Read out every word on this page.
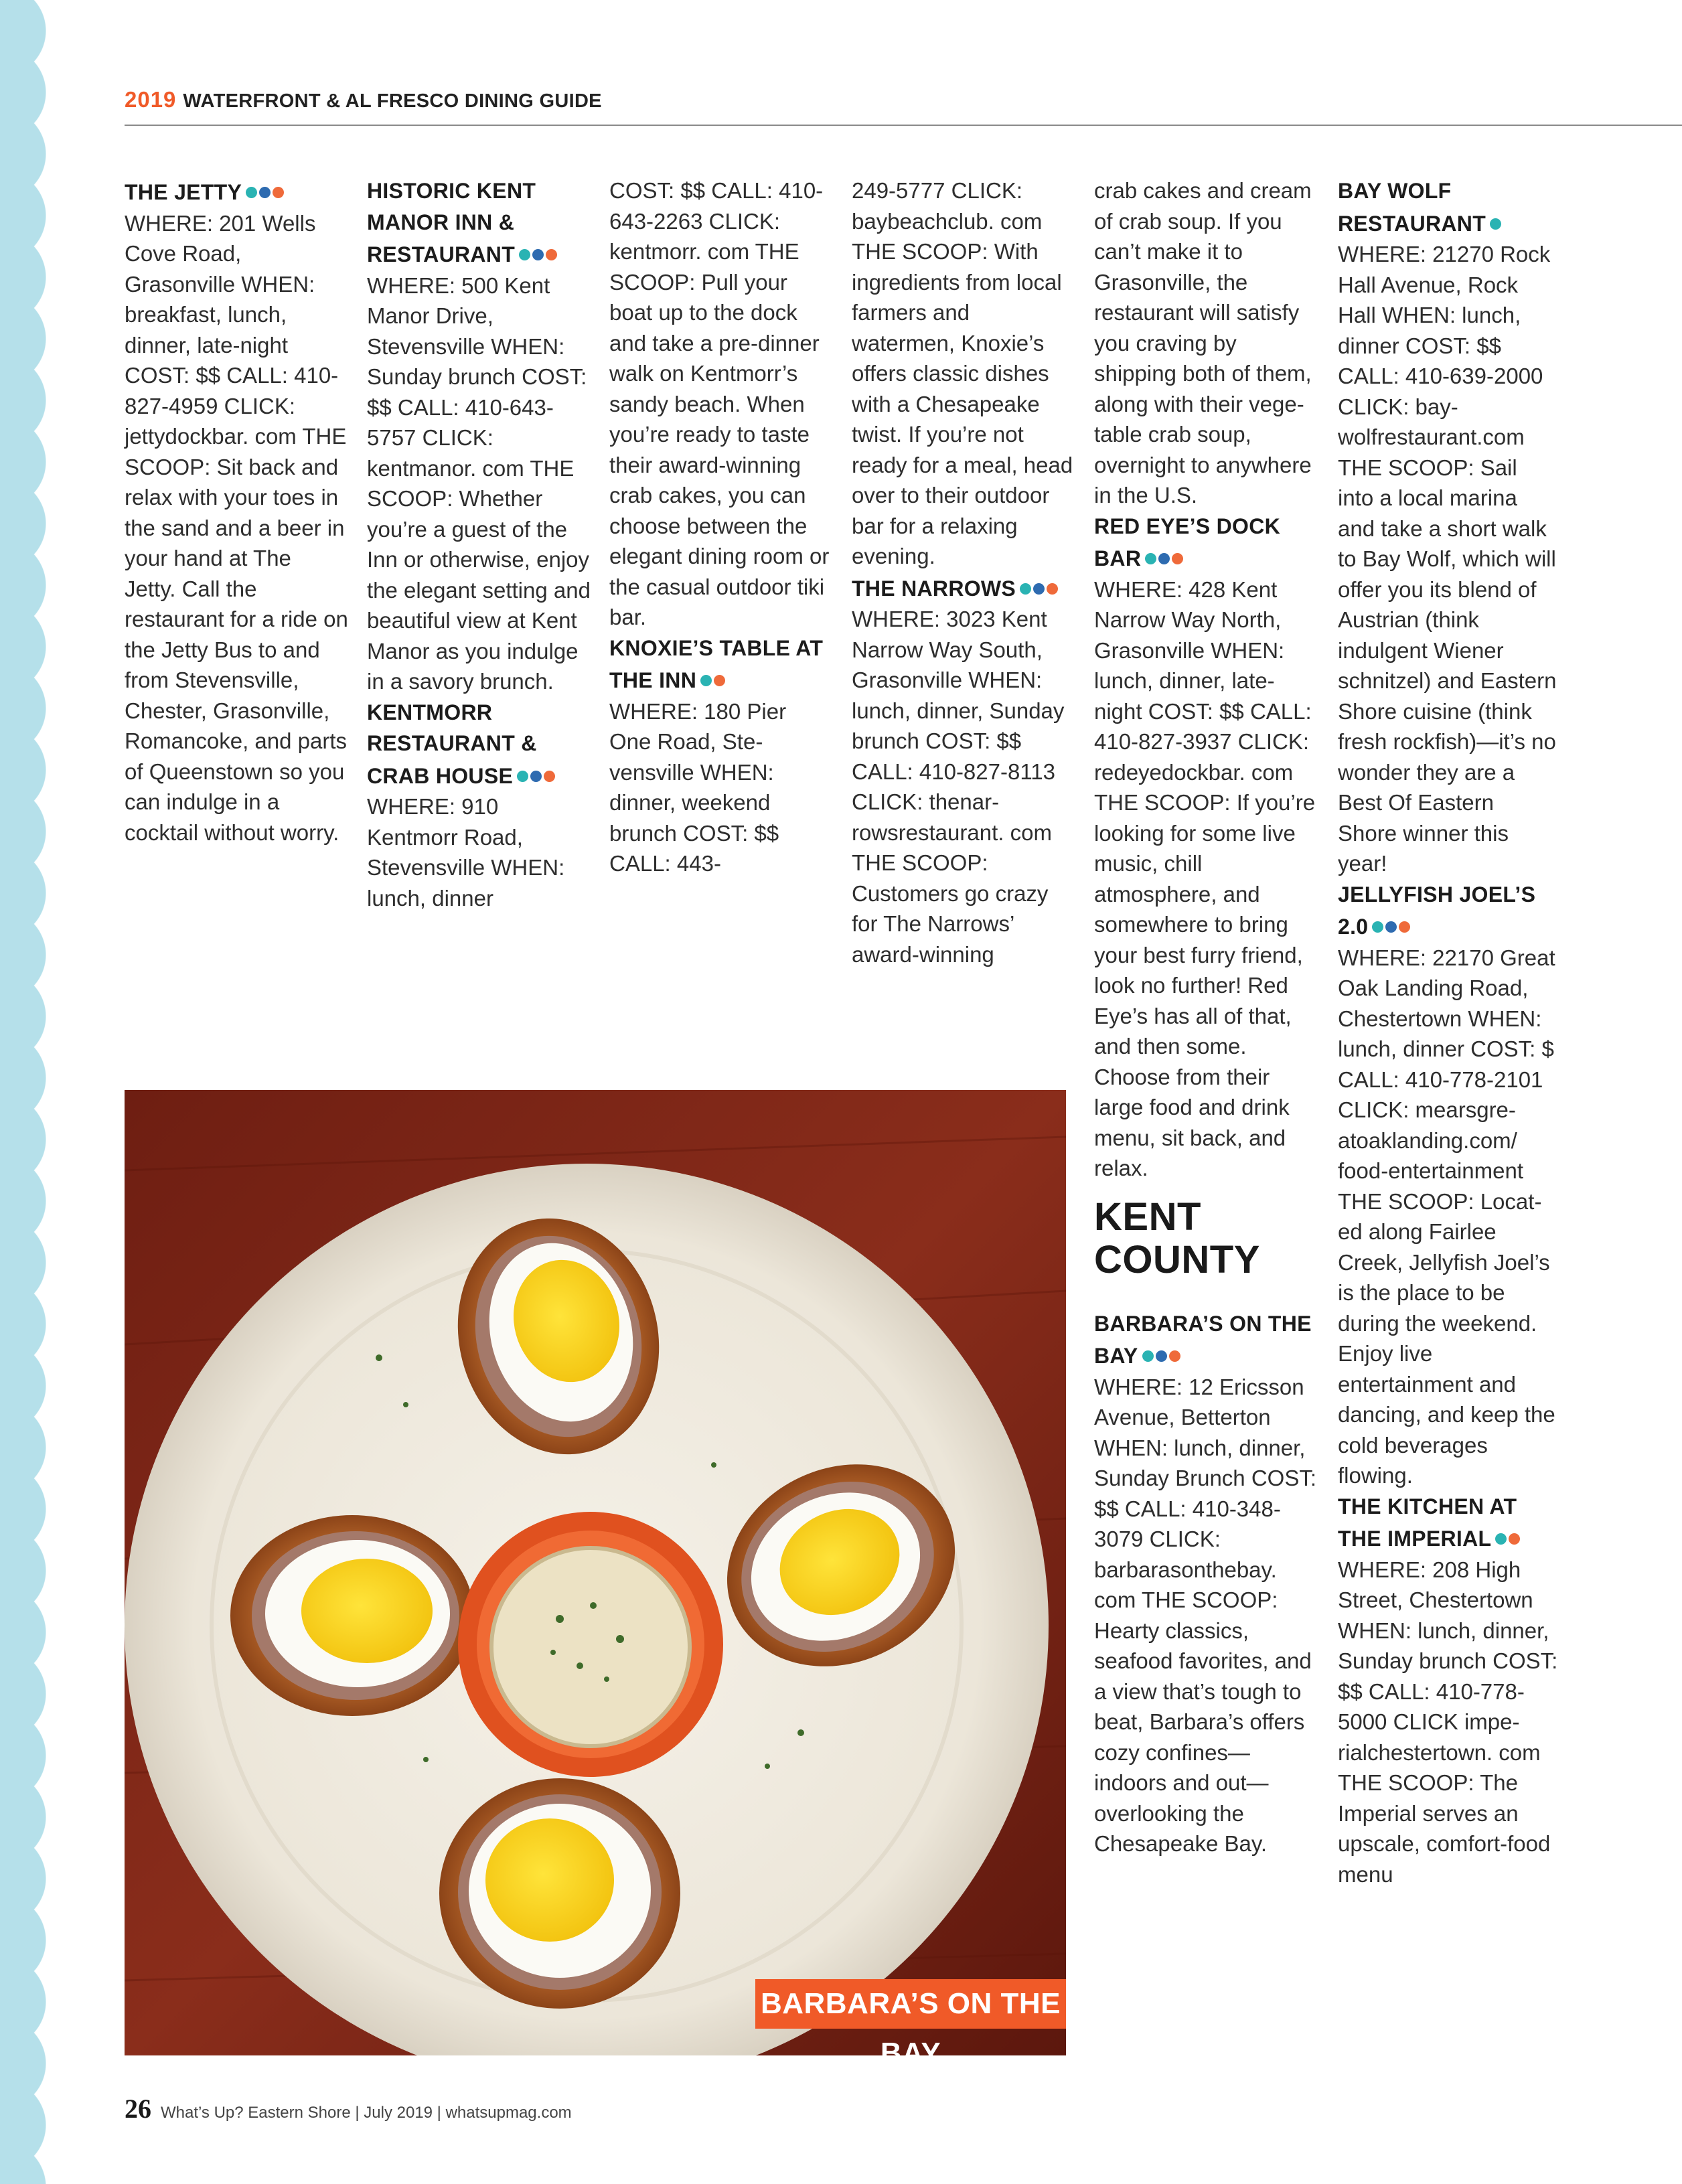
2019 WATERFRONT & AL FRESCO DINING GUIDE

THE JETTY
WHERE: 201 Wells Cove Road, Grasonville WHEN: breakfast, lunch, dinner, late-night COST: $$ CALL: 410-827-4959 CLICK: jettydockbar. com THE SCOOP: Sit back and relax with your toes in the sand and a beer in your hand at The Jetty. Call the restaurant for a ride on the Jetty Bus to and from Stevensville, Chester, Grasonville, Romancoke, and parts of Queenstown so you can indulge in a cocktail without worry.

HISTORIC KENT MANOR INN & RESTAURANT
WHERE: 500 Kent Manor Drive, Stevensville WHEN: Sunday brunch COST: $$ CALL: 410-643-5757 CLICK: kentmanor. com THE SCOOP: Whether you’re a guest of the Inn or otherwise, enjoy the elegant setting and beautiful view at Kent Manor as you indulge in a savory brunch.

KENTMORR RESTAURANT & CRAB HOUSE
WHERE: 910 Kentmorr Road, Stevensville WHEN: lunch, dinner

COST: $$ CALL: 410-643-2263 CLICK: kentmorr. com THE SCOOP: Pull your boat up to the dock and take a pre-dinner walk on Kentmorr’s sandy beach. When you’re ready to taste their award-winning crab cakes, you can choose between the elegant dining room or the casual outdoor tiki bar.

KNOXIE’S TABLE AT THE INN
WHERE: 180 Pier One Road, Stevensville WHEN: dinner, weekend brunch COST: $$ CALL: 443-

249-5777 CLICK: baybeachclub. com THE SCOOP: With ingredients from local farmers and watermen, Knoxie’s offers classic dishes with a Chesapeake twist. If you’re not ready for a meal, head over to their outdoor bar for a relaxing evening.

THE NARROWS
WHERE: 3023 Kent Narrow Way South, Grasonville WHEN: lunch, dinner, Sunday brunch COST: $$ CALL: 410-827-8113 CLICK: thenarrowsrestaurant. com THE SCOOP: Customers go crazy for The Narrows’ award-winning

crab cakes and cream of crab soup. If you can’t make it to Grasonville, the restaurant will satisfy you craving by shipping both of them, along with their vegetable crab soup, overnight to anywhere in the U.S.

RED EYE’S DOCK BAR
WHERE: 428 Kent Narrow Way North, Grasonville WHEN: lunch, dinner, late-night COST: $$ CALL: 410-827-3937 CLICK: redeyedockbar. com THE SCOOP: If you’re looking for some live music, chill atmosphere, and somewhere to bring your best furry friend, look no further! Red Eye’s has all of that, and then some. Choose from their large food and drink menu, sit back, and relax.

KENT COUNTY

BARBARA’S ON THE BAY
WHERE: 12 Ericsson Avenue, Betterton WHEN: lunch, dinner, Sunday Brunch COST: $$ CALL: 410-348-3079 CLICK: barbarasonthebay. com THE SCOOP: Hearty classics, seafood favorites, and a view that’s tough to beat, Barbara’s offers cozy confines—indoors and out—overlooking the Chesapeake Bay.

BAY WOLF RESTAURANT
WHERE: 21270 Rock Hall Avenue, Rock Hall WHEN: lunch, dinner COST: $$ CALL: 410-639-2000 CLICK: baywolfrestaurant.com THE SCOOP: Sail into a local marina and take a short walk to Bay Wolf, which will offer you its blend of Austrian (think indulgent Wiener schnitzel) and Eastern Shore cuisine (think fresh rockfish)—it’s no wonder they are a Best Of Eastern Shore winner this year!

JELLYFISH JOEL’S 2.0
WHERE: 22170 Great Oak Landing Road, Chestertown WHEN: lunch, dinner COST: $ CALL: 410-778-2101 CLICK: mearsgreatoaklanding.com/ food-entertainment THE SCOOP: Located along Fairlee Creek, Jellyfish Joel’s is the place to be during the weekend. Enjoy live entertainment and dancing, and keep the cold beverages flowing.

THE KITCHEN AT THE IMPERIAL
WHERE: 208 High Street, Chestertown WHEN: lunch, dinner, Sunday brunch COST: $$ CALL: 410-778-5000 CLICK imperialchestertown. com THE SCOOP: The Imperial serves an upscale, comfort-food menu

BARBARA’S ON THE BAY
26 What’s Up? Eastern Shore | July 2019 | whatsupmag.com
